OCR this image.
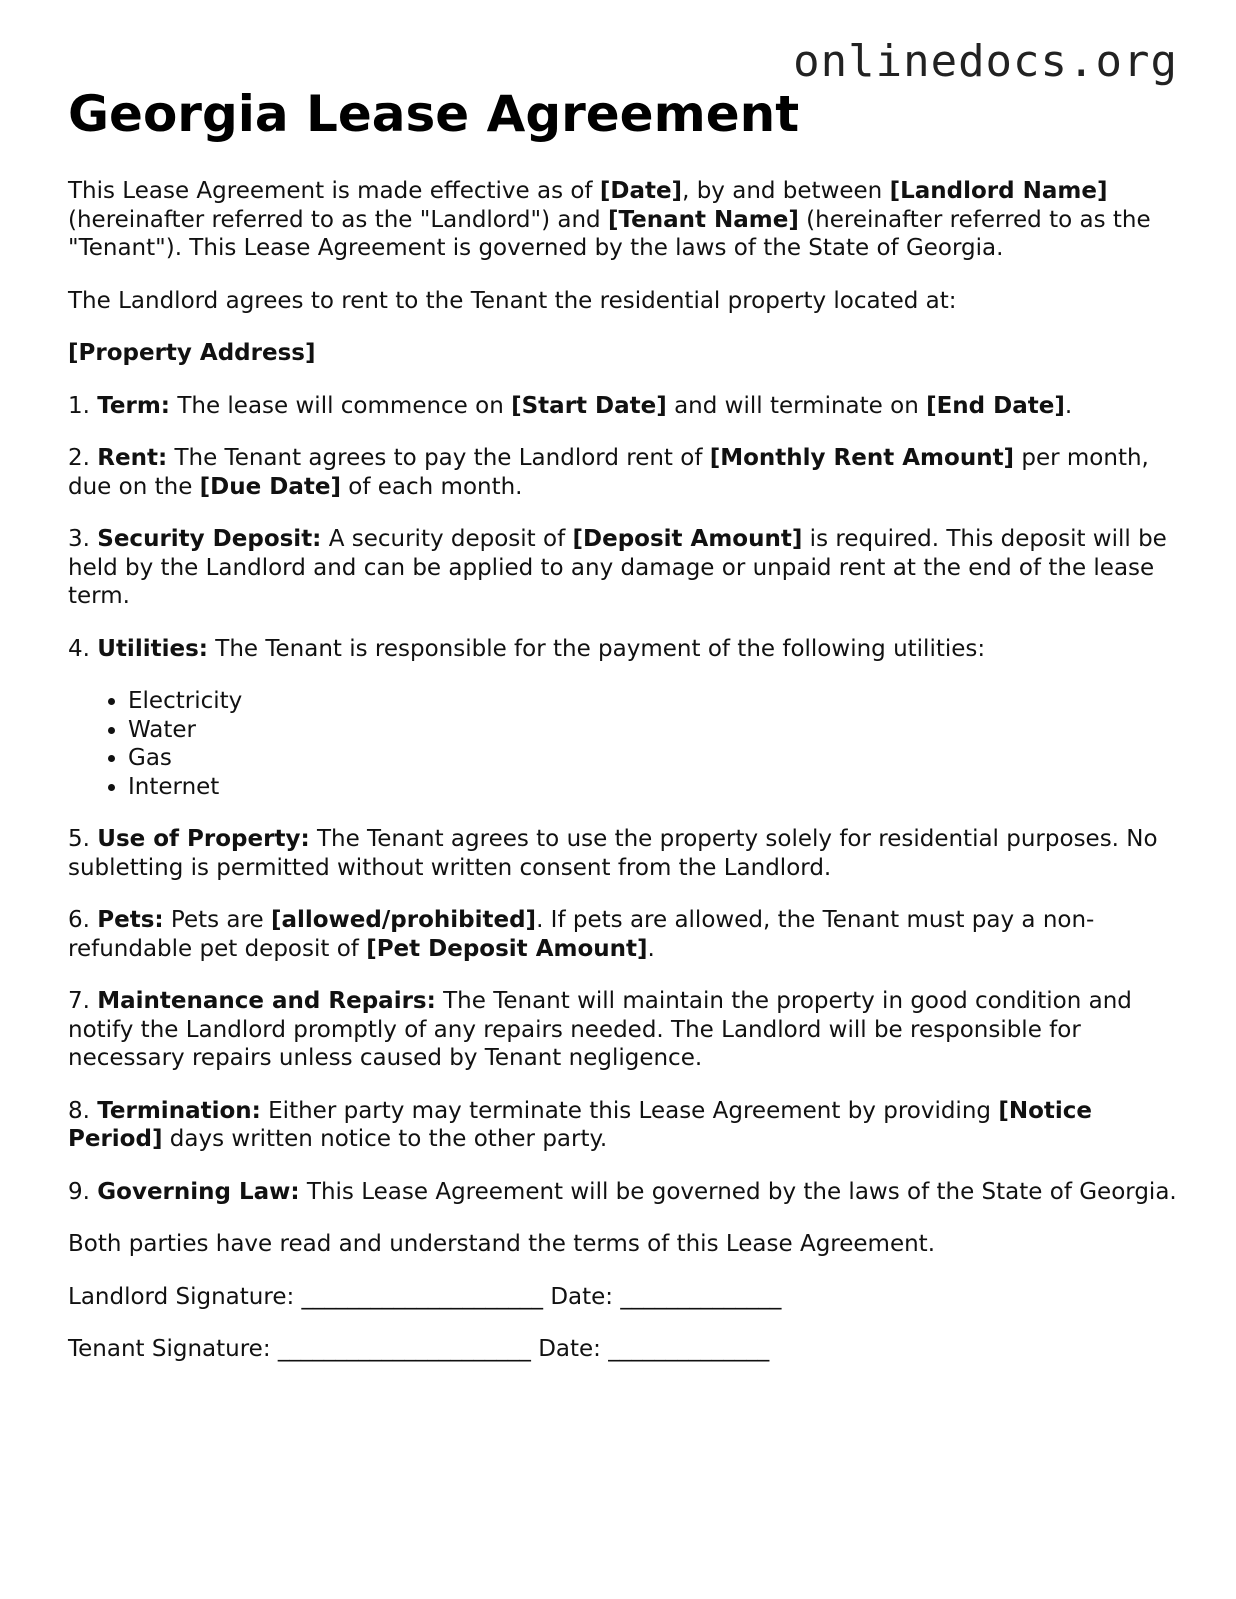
onlinedocs.org
Georgia Lease Agreement

This Lease Agreement is made effective as of [Date], by and between [Landlord Name] (hereinafter referred to as the "Landlord") and [Tenant Name] (hereinafter referred to as the "Tenant"). This Lease Agreement is governed by the laws of the State of Georgia.

The Landlord agrees to rent to the Tenant the residential property located at:

[Property Address]

1. Term: The lease will commence on [Start Date] and will terminate on [End Date].

2. Rent: The Tenant agrees to pay the Landlord rent of [Monthly Rent Amount] per month, due on the [Due Date] of each month.

3. Security Deposit: A security deposit of [Deposit Amount] is required. This deposit will be held by the Landlord and can be applied to any damage or unpaid rent at the end of the lease term.

4. Utilities: The Tenant is responsible for the payment of the following utilities:

• Electricity
• Water
• Gas
• Internet

5. Use of Property: The Tenant agrees to use the property solely for residential purposes. No subletting is permitted without written consent from the Landlord.

6. Pets: Pets are [allowed/prohibited]. If pets are allowed, the Tenant must pay a non-refundable pet deposit of [Pet Deposit Amount].

7. Maintenance and Repairs: The Tenant will maintain the property in good condition and notify the Landlord promptly of any repairs needed. The Landlord will be responsible for necessary repairs unless caused by Tenant negligence.

8. Termination: Either party may terminate this Lease Agreement by providing [Notice Period] days written notice to the other party.

9. Governing Law: This Lease Agreement will be governed by the laws of the State of Georgia.

Both parties have read and understand the terms of this Lease Agreement.

Landlord Signature: _____________________ Date: ______________

Tenant Signature: ______________________ Date: ______________
